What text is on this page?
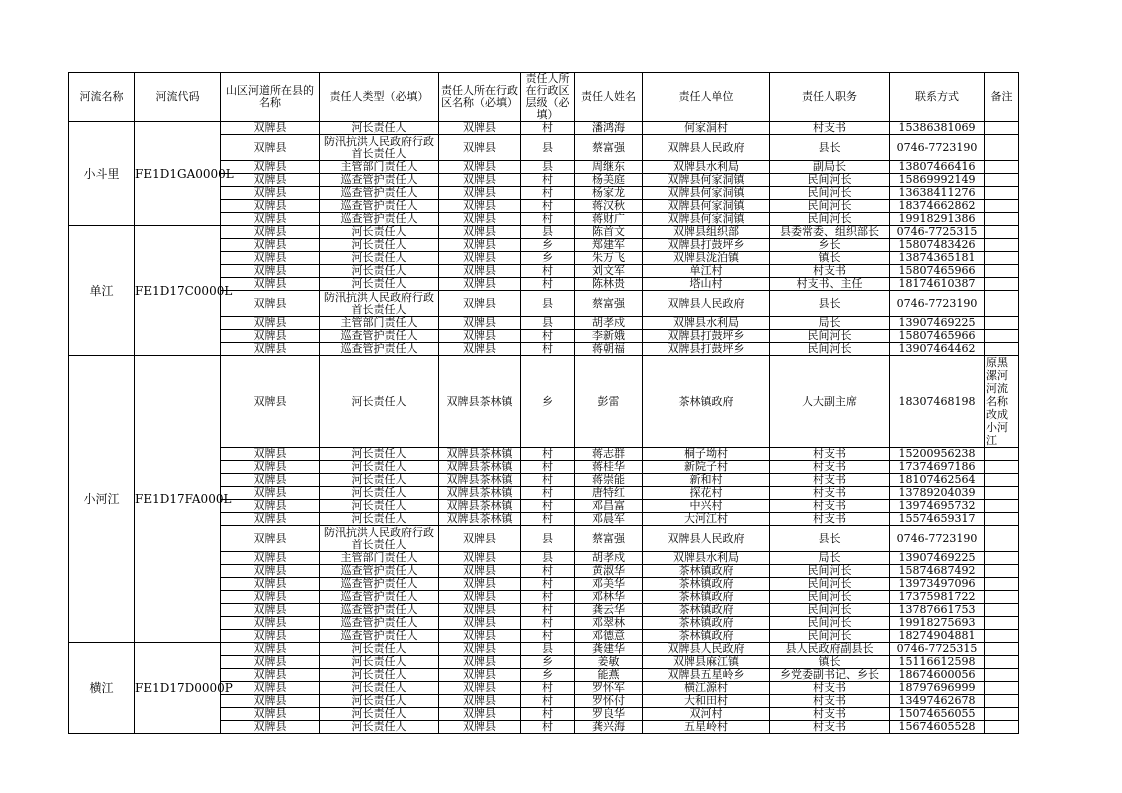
河流名称	河流代码	山区河道所在县的名称	责任人类型（必填）	责任人所在行政区名称（必填）	责任人所在行政区层级（必填）	责任人姓名	责任人单位	责任人职务	联系方式	备注
小斗里	FE1D1GA0000L	双牌县	河长责任人	双牌县	村	潘鸿海	何家洞村	村支书	15386381069	
		双牌县	防汛抗洪人民政府行政首长责任人	双牌县	县	蔡富强	双牌县人民政府	县长	0746-7723190	
		双牌县	主管部门责任人	双牌县	县	周继东	双牌县水利局	副局长	13807466416	
		双牌县	巡查管护责任人	双牌县	村	杨美庭	双牌县何家洞镇	民间河长	15869992149	
		双牌县	巡查管护责任人	双牌县	村	杨家龙	双牌县何家洞镇	民间河长	13638411276	
		双牌县	巡查管护责任人	双牌县	村	蒋汉秋	双牌县何家洞镇	民间河长	18374662862	
		双牌县	巡查管护责任人	双牌县	村	蒋财广	双牌县何家洞镇	民间河长	19918291386	
单江	FE1D17C0000L	双牌县	河长责任人	双牌县	县	陈首文	双牌县组织部	县委常委、组织部长	0746-7725315	
		双牌县	河长责任人	双牌县	乡	郑建军	双牌县打鼓坪乡	乡长	15807483426	
		双牌县	河长责任人	双牌县	乡	朱万飞	双牌县泷泊镇	镇长	13874365181	
		双牌县	河长责任人	双牌县	村	刘文军	单江村	村支书	15807465966	
		双牌县	河长责任人	双牌县	村	陈林贵	塔山村	村支书、主任	18174610387	
		双牌县	防汛抗洪人民政府行政首长责任人	双牌县	县	蔡富强	双牌县人民政府	县长	0746-7723190	
		双牌县	主管部门责任人	双牌县	县	胡孝戍	双牌县水利局	局长	13907469225	
		双牌县	巡查管护责任人	双牌县	村	李新娥	双牌县打鼓坪乡	民间河长	15807465966	
		双牌县	巡查管护责任人	双牌县	村	蒋朝福	双牌县打鼓坪乡	民间河长	13907464462	
小河江	FE1D17FA000L	双牌县	河长责任人	双牌县茶林镇	乡	彭雷	茶林镇政府	人大副主席	18307468198	原黑漯河河流名称改成小河江
		双牌县	河长责任人	双牌县茶林镇	村	蒋志群	桐子坳村	村支书	15200956238	
		双牌县	河长责任人	双牌县茶林镇	村	蒋桂华	新院子村	村支书	17374697186	
		双牌县	河长责任人	双牌县茶林镇	村	蒋崇能	新和村	村支书	18107462564	
		双牌县	河长责任人	双牌县茶林镇	村	唐特红	探花村	村支书	13789204039	
		双牌县	河长责任人	双牌县茶林镇	村	邓昌富	中兴村	村支书	13974695732	
		双牌县	河长责任人	双牌县茶林镇	村	邓晨军	大河江村	村支书	15574659317	
		双牌县	防汛抗洪人民政府行政首长责任人	双牌县	县	蔡富强	双牌县人民政府	县长	0746-7723190	
		双牌县	主管部门责任人	双牌县	县	胡孝戍	双牌县水利局	局长	13907469225	
		双牌县	巡查管护责任人	双牌县	村	黄淑华	茶林镇政府	民间河长	15874687492	
		双牌县	巡查管护责任人	双牌县	村	邓美华	茶林镇政府	民间河长	13973497096	
		双牌县	巡查管护责任人	双牌县	村	邓林华	茶林镇政府	民间河长	17375981722	
		双牌县	巡查管护责任人	双牌县	村	龚云华	茶林镇政府	民间河长	13787661753	
		双牌县	巡查管护责任人	双牌县	村	邓翠林	茶林镇政府	民间河长	19918275693	
		双牌县	巡查管护责任人	双牌县	村	邓德意	茶林镇政府	民间河长	18274904881	
横江	FE1D17D0000P	双牌县	河长责任人	双牌县	县	龚建华	双牌县人民政府	县人民政府副县长	0746-7725315	
		双牌县	河长责任人	双牌县	乡	姜敏	双牌县麻江镇	镇长	15116612598	
		双牌县	河长责任人	双牌县	乡	能燕	双牌县五星岭乡	乡党委副书记、乡长	18674600056	
		双牌县	河长责任人	双牌县	村	罗怀军	横江源村	村支书	18797696999	
		双牌县	河长责任人	双牌县	村	罗怀付	大和田村	村支书	13497462678	
		双牌县	河长责任人	双牌县	村	罗良华	双河村	村支书	15074656055	
		双牌县	河长责任人	双牌县	村	龚兴海	五星岭村	村支书	15674605528	
